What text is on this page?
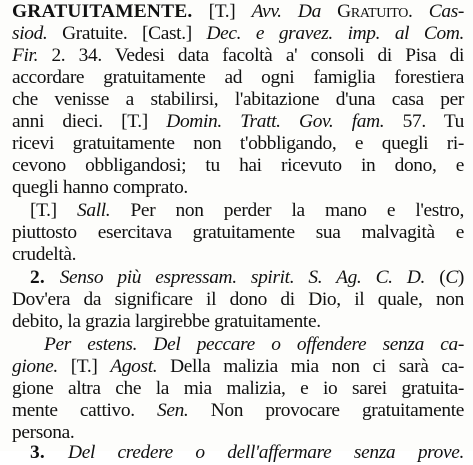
GRATUITAMENTE. [T.] Avv. Da Gratuito. Cas-
siod. Gratuite. [Cast.] Dec. e gravez. imp. al Com.
Fir. 2. 34. Vedesi data facoltà a' consoli di Pisa di
accordare gratuitamente ad ogni famiglia forestiera
che venisse a stabilirsi, l'abitazione d'una casa per
anni dieci. [T.] Domin. Tratt. Gov. fam. 57. Tu
ricevi gratuitamente non t'obbligando, e quegli ri-
cevono obbligandosi; tu hai ricevuto in dono, e
quegli hanno comprato.
[T.] Sall. Per non perder la mano e l'estro,
piuttosto esercitava gratuitamente sua malvagità e
crudeltà.
2. Senso più espressam. spirit. S. Ag. C. D. (C)
Dov'era da significare il dono di Dio, il quale, non
debito, la grazia largirebbe gratuitamente.
Per estens. Del peccare o offendere senza ca-
gione. [T.] Agost. Della malizia mia non ci sarà ca-
gione altra che la mia malizia, e io sarei gratuita-
mente cattivo. Sen. Non provocare gratuitamente
persona.
3. Del credere o dell'affermare senza prove.
